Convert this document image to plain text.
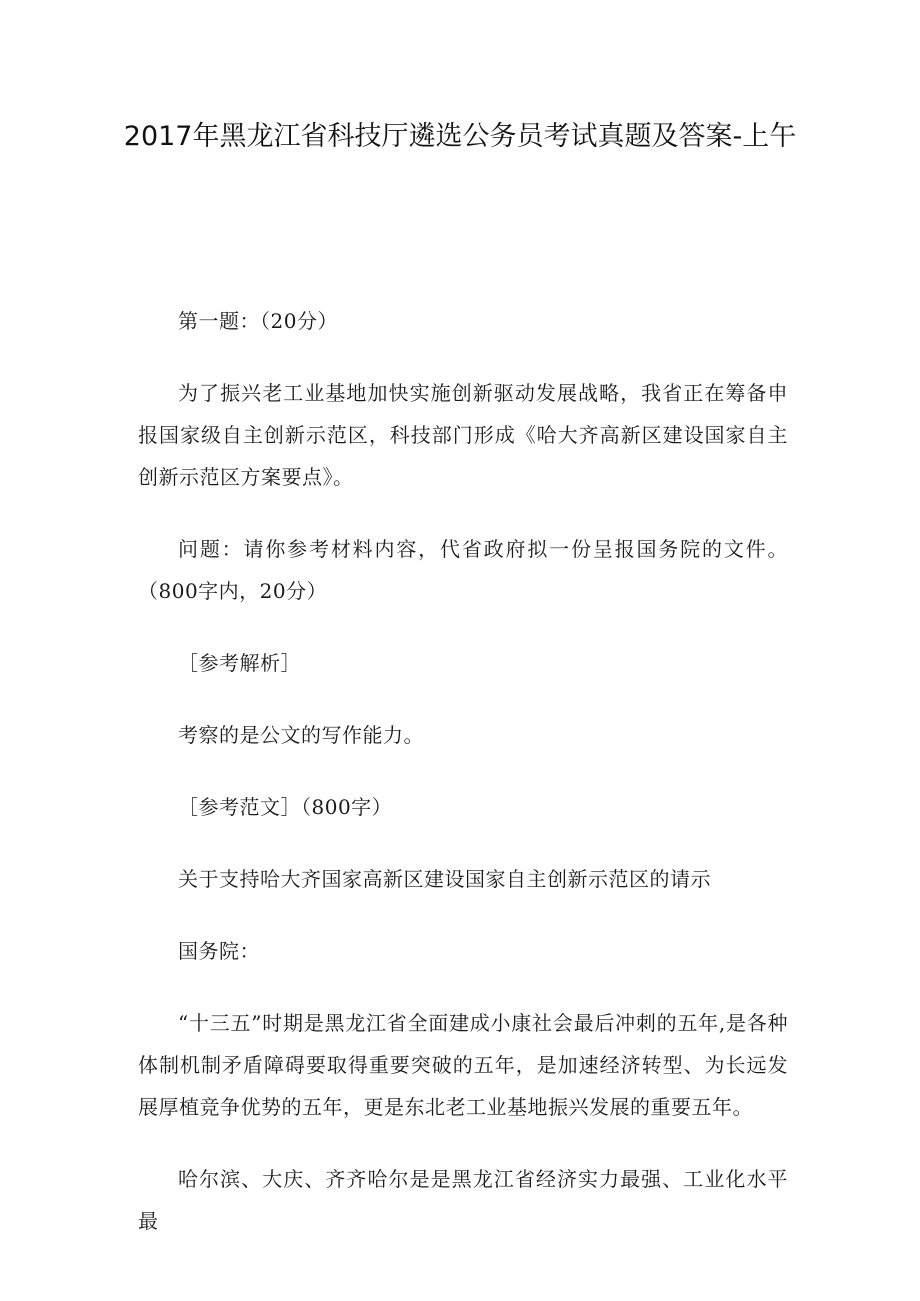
2017年黑龙江省科技厅遴选公务员考试真题及答案-上午

第一题：（20分）

为了振兴老工业基地加快实施创新驱动发展战略，我省正在筹备申报国家级自主创新示范区，科技部门形成《哈大齐高新区建设国家自主创新示范区方案要点》。

问题：请你参考材料内容，代省政府拟一份呈报国务院的文件。（800字内，20分）

［参考解析］

考察的是公文的写作能力。

［参考范文］（800字）

关于支持哈大齐国家高新区建设国家自主创新示范区的请示

国务院：

“十三五”时期是黑龙江省全面建成小康社会最后冲刺的五年,是各种体制机制矛盾障碍要取得重要突破的五年，是加速经济转型、为长远发展厚植竞争优势的五年，更是东北老工业基地振兴发展的重要五年。

哈尔滨、大庆、齐齐哈尔是是黑龙江省经济实力最强、工业化水平最
